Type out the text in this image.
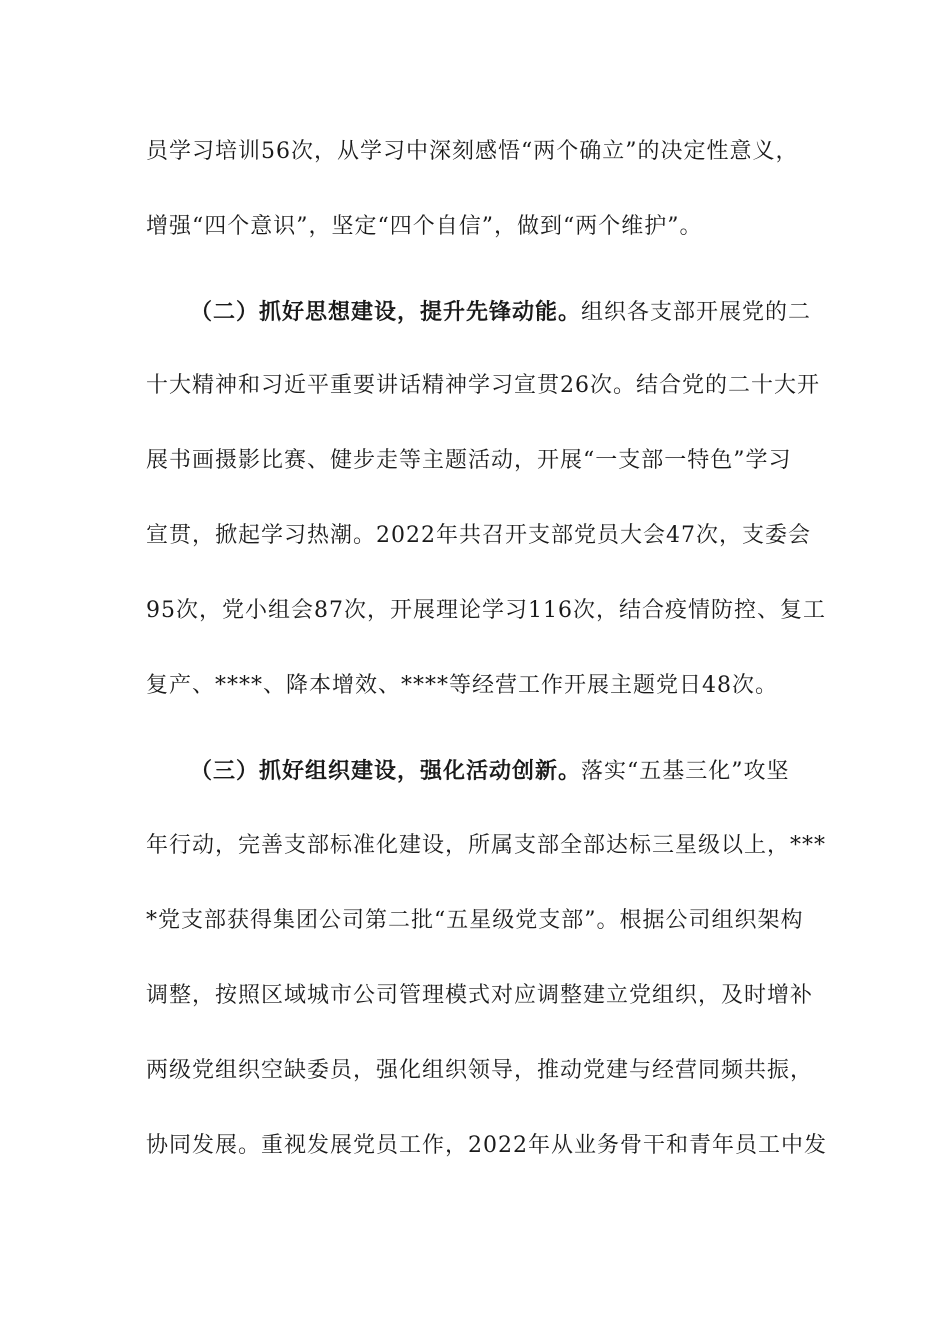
员学习培训56次，从学习中深刻感悟“两个确立”的决定性意义，
增强“四个意识”，坚定“四个自信”，做到“两个维护”。
（二）抓好思想建设，提升先锋动能。组织各支部开展党的二
十大精神和习近平重要讲话精神学习宣贯26次。结合党的二十大开
展书画摄影比赛、健步走等主题活动，开展“一支部一特色”学习
宣贯，掀起学习热潮。2022年共召开支部党员大会47次，支委会
95次，党小组会87次，开展理论学习116次，结合疫情防控、复工
复产、****、降本增效、****等经营工作开展主题党日48次。
（三）抓好组织建设，强化活动创新。落实“五基三化”攻坚
年行动，完善支部标准化建设，所属支部全部达标三星级以上，***
*党支部获得集团公司第二批“五星级党支部”。根据公司组织架构
调整，按照区域城市公司管理模式对应调整建立党组织，及时增补
两级党组织空缺委员，强化组织领导，推动党建与经营同频共振，
协同发展。重视发展党员工作，2022年从业务骨干和青年员工中发
